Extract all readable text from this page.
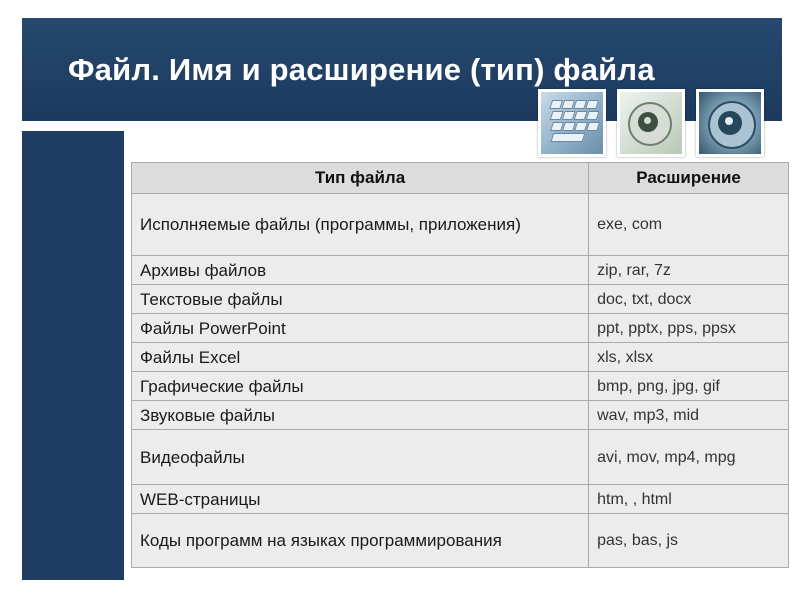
Файл. Имя и расширение (тип) файла
Тип файла	Расширение
Исполняемые файлы (программы, приложения)	exe, com
Архивы файлов	zip, rar, 7z
Текстовые файлы	doc, txt, docx
Файлы PowerPoint	ppt, pptx, pps, ppsx
Файлы Excel	xls, xlsx
Графические файлы	bmp, png, jpg, gif
Звуковые файлы	wav, mp3, mid
Видеофайлы	avi, mov, mp4, mpg
WEB-страницы	htm, , html
Коды программ на языках программирования	pas, bas, js
